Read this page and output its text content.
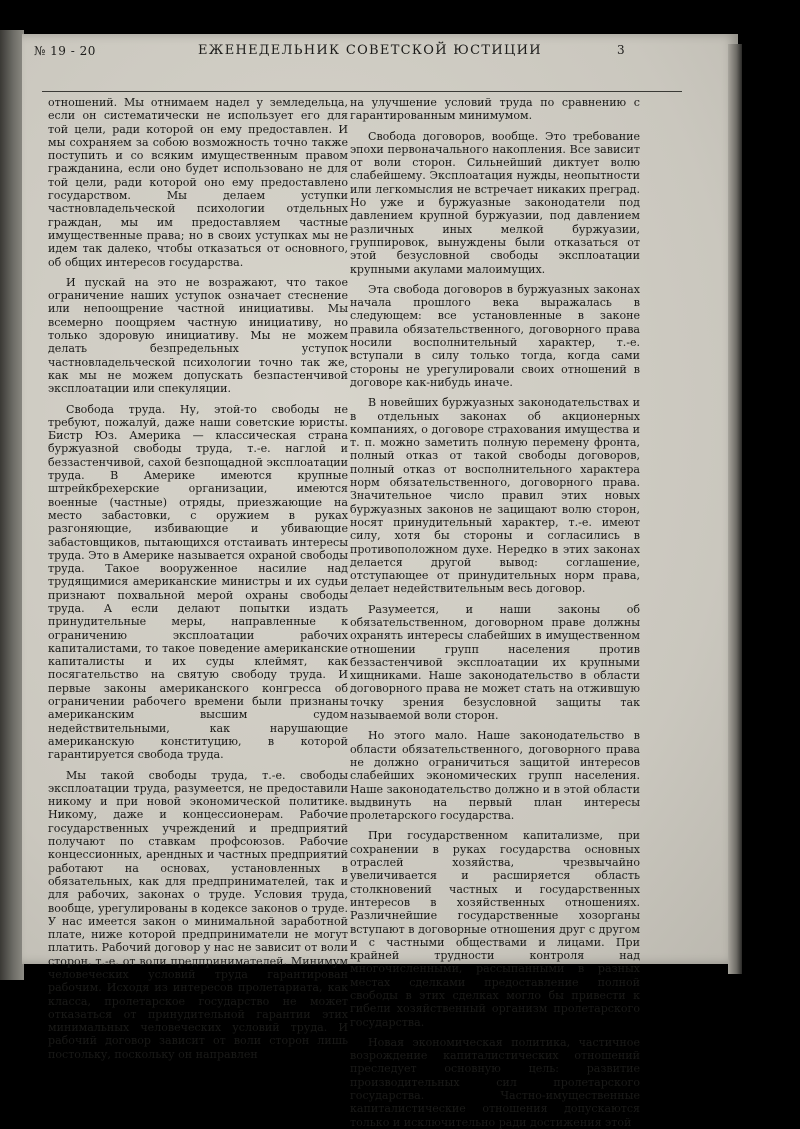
№ 19 - 20	ЕЖЕНЕДЕЛЬНИК СОВЕТСКОЙ ЮСТИЦИИ	3

отношений. Мы отнимаем надел у земледельца, если он систематически не использует его для той цели, ради которой он ему предоставлен. И мы сохраняем за собою возможность точно также поступить и со всяким имущественным правом гражданина, если оно будет использовано не для той цели, ради которой оно ему предоставлено государством. Мы делаем уступки частновладельческой психологии отдельных граждан, мы им предоставляем частные имущественные права; но в своих уступках мы не идем так далеко, чтобы отказаться от основного, об общих интересов государства.

И пускай на это не возражают, что такое ограничение наших уступок означает стеснение или непоощрение частной инициативы. Мы всемерно поощряем частную инициативу, но только здоровую инициативу. Мы не можем делать безпредельных уступок частновладельческой психологии точно так же, как мы не можем допускать безпастенчивой эксплоатации или спекуляции.

Свобода труда. Ну, этой-то свободы не требуют, пожалуй, даже наши советские юристы. Бистр Юз. Америка — классическая страна буржуазной свободы труда, т.-е. наглой и беззастенчивой, сахой безпощадной эксплоатации труда. В Америке имеются крупные штрейкбрехерские организации, имеются военные (частные) отряды, приезжающие на место забастовки, с оружием в руках разгоняющие, избивающие и убивающие забастовщиков, пытающихся отстаивать интересы труда. Это в Америке называется охраной свободы труда. Такое вооруженное насилие над трудящимися американские министры и их судьи признают похвальной мерой охраны свободы труда. А если делают попытки издать принудительные меры, направленные к ограничению эксплоатации рабочих капиталистами, то такое поведение американские капиталисты и их суды клеймят, как посягательство на святую свободу труда. И первые законы американского конгресса об ограничении рабочего времени были признаны американским высшим судом недействительными, как нарушающие американскую конституцию, в которой гарантируется свобода труда.

Мы такой свободы труда, т.-е. свободы эксплоатации труда, разумеется, не предоставили никому и при новой экономической политике. Никому, даже и концессионерам. Рабочие государственных учреждений и предприятий получают по ставкам профсоюзов. Рабочие концессионных, арендных и частных предприятий работают на основах, установленных в обязательных, как для предпринимателей, так и для рабочих, законах о труде. Условия труда, вообще, урегулированы в кодексе законов о труде. У нас имеется закон о минимальной заработной плате, ниже которой предприниматели не могут платить. Рабочий договор у нас не зависит от воли сторон, т.-е. от воли предпринимателей. Минимум человеческих условий труда гарантирован рабочим. Исходя из интересов пролетариата, как класса, пролетарское государство не может отказаться от принудительной гарантии этих минимальных человеческих условий труда. И рабочий договор зависит от воли сторон лишь постольку, поскольку он направлен

на улучшение условий труда по сравнению с гарантированным минимумом.

Свобода договоров, вообще. Это требование эпохи первоначального накопления. Все зависит от воли сторон. Сильнейший диктует волю слабейшему. Эксплоатация нужды, неопытности или легкомыслия не встречает никаких преград. Но уже и буржуазные законодатели под давлением крупной буржуазии, под давлением различных иных мелкой буржуазии, группировок, вынуждены были отказаться от этой безусловной свободы эксплоатации крупными акулами малоимущих.

Эта свобода договоров в буржуазных законах начала прошлого века выражалась в следующем: все установленные в законе правила обязательственного, договорного права носили восполнительный характер, т.-е. вступали в силу только тогда, когда сами стороны не урегулировали своих отношений в договоре как-нибудь иначе.

В новейших буржуазных законодательствах и в отдельных законах об акционерных компаниях, о договоре страхования имущества и т. п. можно заметить полную перемену фронта, полный отказ от такой свободы договоров, полный отказ от восполнительного характера норм обязательственного, договорного права. Значительное число правил этих новых буржуазных законов не зацищают волю сторон, носят принудительный характер, т.-е. имеют силу, хотя бы стороны и согласились в противоположном духе. Нередко в этих законах делается другой вывод: соглашение, отступающее от принудительных норм права, делает недействительным весь договор.

Разумеется, и наши законы об обязательственном, договорном праве должны охранять интересы слабейших в имущественном отношении групп населения против беззастенчивой эксплоатации их крупными хищниками. Наше законодательство в области договорного права не может стать на отжившую точку зрения безусловной защиты так называемой воли сторон.

Но этого мало. Наше законодательство в области обязательственного, договорного права не должно ограничиться защитой интересов слабейших экономических групп населения. Наше законодательство должно и в этой области выдвинуть на первый план интересы пролетарского государства.

При государственном капитализме, при сохранении в руках государства основных отраслей хозяйства, чрезвычайно увеличивается и расширяется область столкновений частных и государственных интересов в хозяйственных отношениях. Различнейшие государственные хозорганы вступают в договорные отношения друг с другом и с частными обществами и лицами. При крайней трудности контроля над многочисленными, рассыпанными в разных местах сделками предоставление полной свободы в этих сделках могло бы привести к гибели хозяйственный организм пролетарского государства.

Новая экономическая политика, частичное возрождение капиталистических отношений преследует основную цель: развитие производительных сил пролетарского государства. Частно-имущественные капиталистические отношения допускаются только и исключительно ради достижения этой
